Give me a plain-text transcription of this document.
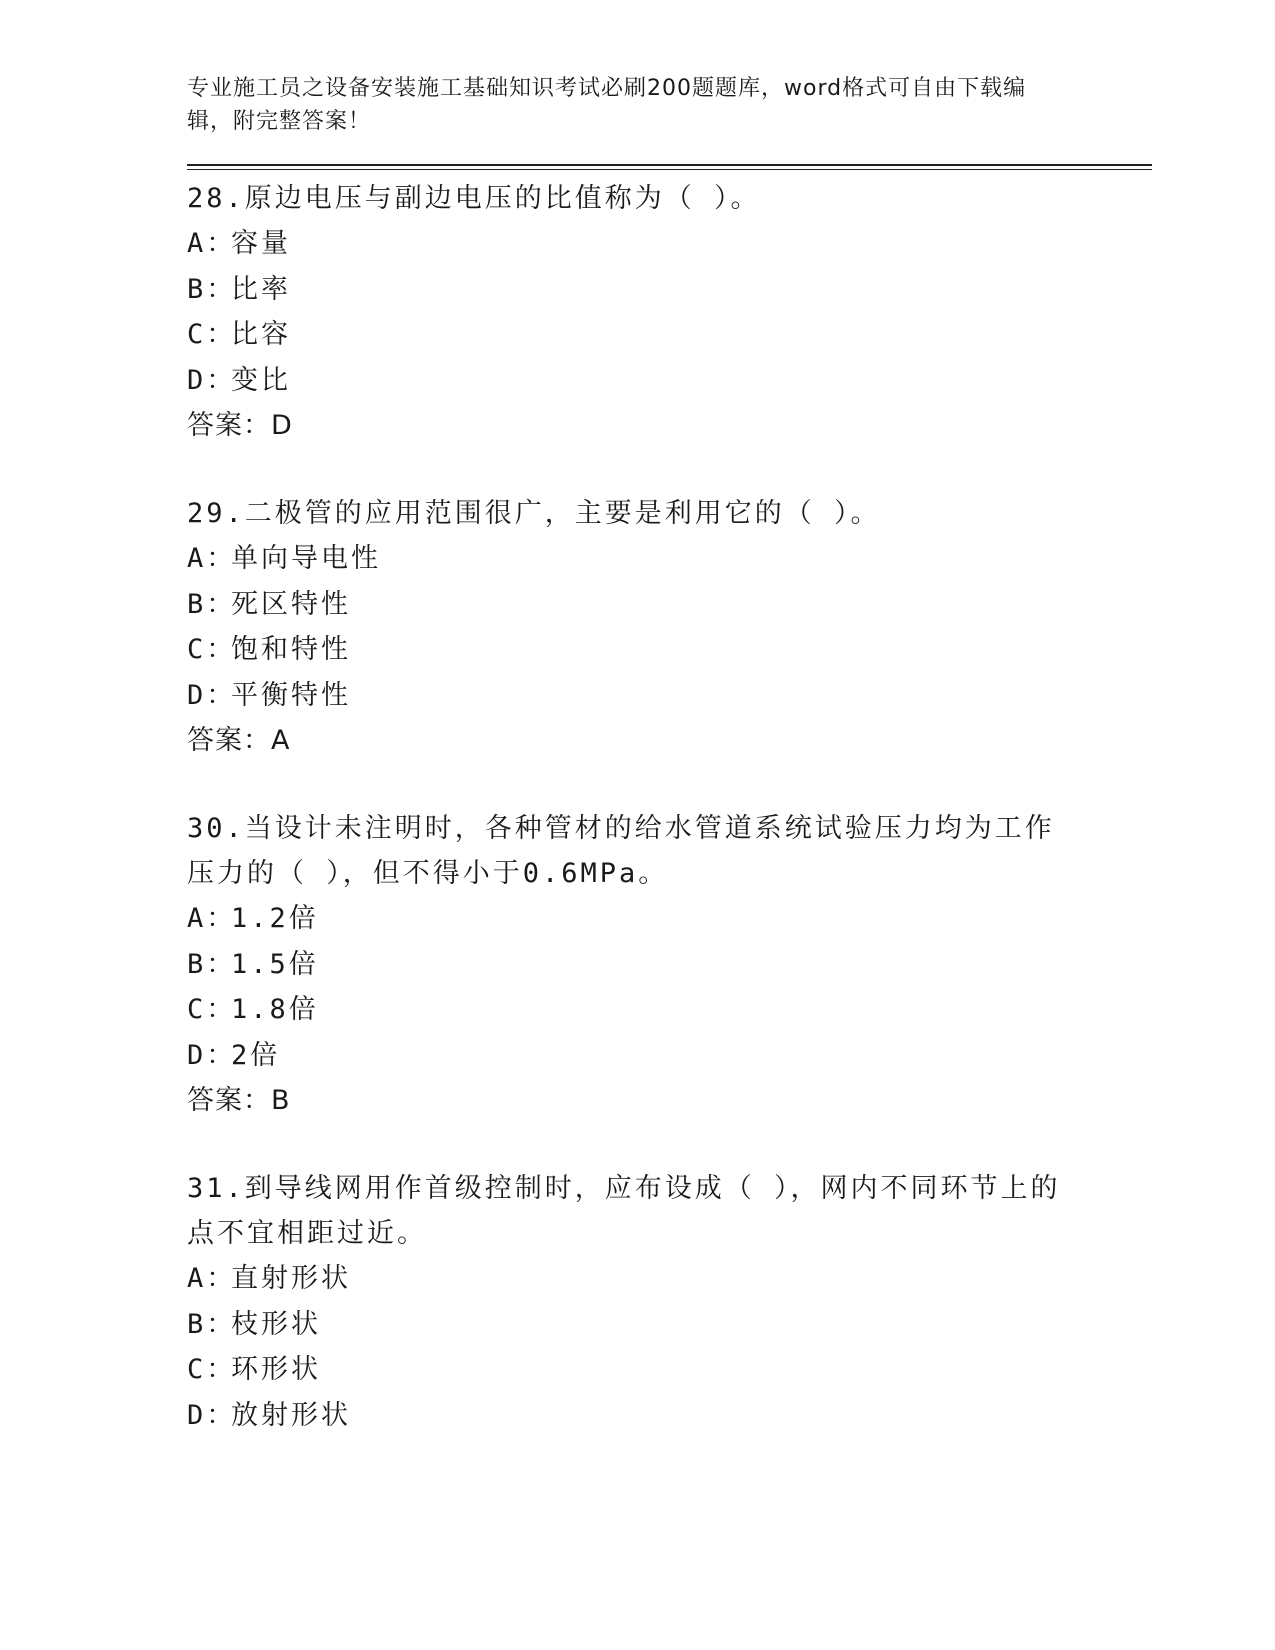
专业施工员之设备安装施工基础知识考试必刷200题题库，word格式可自由下载编辑，附完整答案！
28.原边电压与副边电压的比值称为（ ）。
A：容量
B：比率
C：比容
D：变比
答案：D
29.二极管的应用范围很广，主要是利用它的（ ）。
A：单向导电性
B：死区特性
C：饱和特性
D：平衡特性
答案：A
30.当设计未注明时，各种管材的给水管道系统试验压力均为工作压力的（ ），但不得小于0.6MPa。
A：1.2倍
B：1.5倍
C：1.8倍
D：2倍
答案：B
31.到导线网用作首级控制时，应布设成（ ），网内不同环节上的点不宜相距过近。
A：直射形状
B：枝形状
C：环形状
D：放射形状
